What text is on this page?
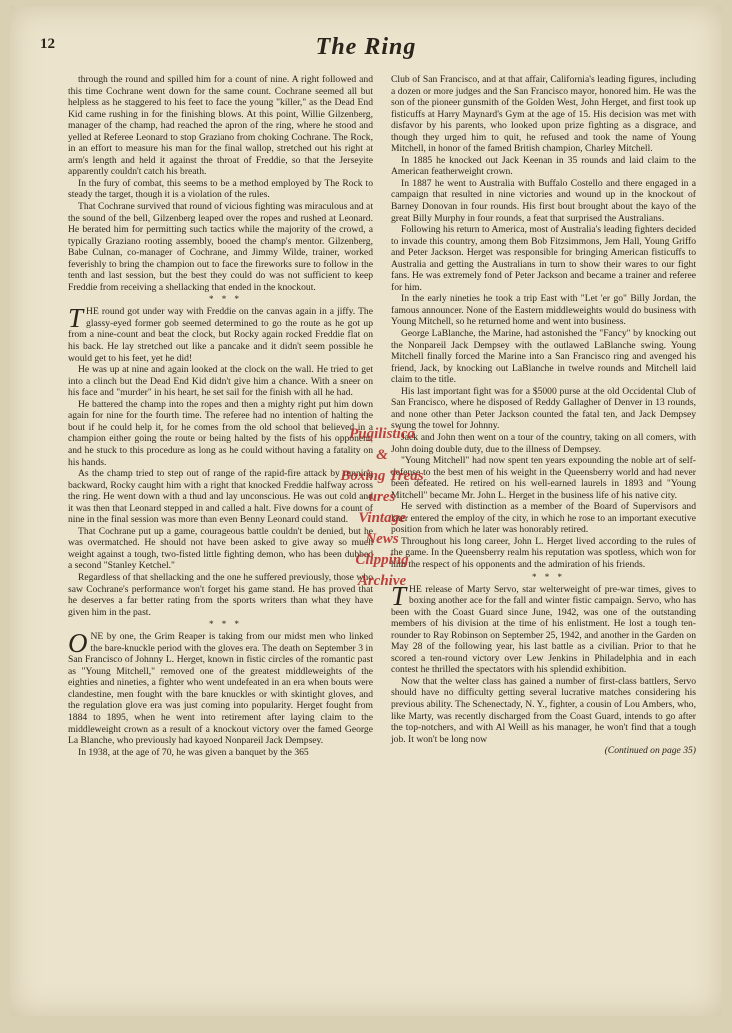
12	The Ring

through the round and spilled him for a count of nine. A right followed and this time Cochrane went down for the same count. Cochrane seemed all but helpless as he staggered to his feet to face the young "killer," as the Dead End Kid came rushing in for the finishing blows. At this point, Willie Gilzenberg, manager of the champ, had reached the apron of the ring, where he stood and yelled at Referee Leonard to stop Graziano from choking Cochrane. The Rock, in an effort to measure his man for the final wallop, stretched out his right at arm's length and held it against the throat of Freddie, so that the Jerseyite apparently couldn't catch his breath.

In the fury of combat, this seems to be a method employed by The Rock to steady the target, though it is a violation of the rules.

That Cochrane survived that round of vicious fighting was miraculous and at the sound of the bell, Gilzenberg leaped over the ropes and rushed at Leonard. He berated him for permitting such tactics while the majority of the crowd, a typically Graziano rooting assembly, booed the champ's mentor. Gilzenberg, Babe Culnan, co-manager of Cochrane, and Jimmy Wilde, trainer, worked feverishly to bring the champion out to face the fireworks sure to follow in the tenth and last session, but the best they could do was not sufficient to keep Freddie from receiving a shellacking that ended in the knockout.

* * *

THE round got under way with Freddie on the canvas again in a jiffy. The glassy-eyed former gob seemed determined to go the route as he got up from a nine-count and beat the clock, but Rocky again rocked Freddie flat on his back. He lay stretched out like a pancake and it didn't seem possible he would get to his feet, yet he did!

He was up at nine and again looked at the clock on the wall. He tried to get into a clinch but the Dead End Kid didn't give him a chance. With a sneer on his face and "murder" in his heart, he set sail for the finish with all he had.

He battered the champ into the ropes and then a mighty right put him down again for nine for the fourth time. The referee had no intention of halting the bout if he could help it, for he comes from the old school that believed in a champion either going the route or being halted by the fists of his opponent, and he stuck to this procedure as long as he could without having a fatality on his hands.

As the champ tried to step out of range of the rapid-fire attack by running backward, Rocky caught him with a right that knocked Freddie halfway across the ring. He went down with a thud and lay unconscious. He was out cold and it was then that Leonard stepped in and called a halt. Five downs for a count of nine in the final session was more than even Benny Leonard could stand.

That Cochrane put up a game, courageous battle couldn't be denied, but he was overmatched. He should not have been asked to give away so much weight against a tough, two-fisted little fighting demon, who has been dubbed a second "Stanley Ketchel."

Regardless of that shellacking and the one he suffered previously, those who saw Cochrane's performance won't forget his game stand. He has proved that he deserves a far better rating from the sports writers than what they have given him in the past.

* * *

ONE by one, the Grim Reaper is taking from our midst men who linked the bare-knuckle period with the gloves era. The death on September 3 in San Francisco of Johnny L. Herget, known in fistic circles of the romantic past as "Young Mitchell," removed one of the greatest middleweights of the eighties and nineties, a fighter who went undefeated in an era when bouts were clandestine, men fought with the bare knuckles or with skintight gloves, and the regulation glove era was just coming into popularity. Herget fought from 1884 to 1895, when he went into retirement after laying claim to the middleweight crown as a result of a knockout victory over the famed George La Blanche, who previously had kayoed Nonpareil Jack Dempsey.

In 1938, at the age of 70, he was given a banquet by the 365

Club of San Francisco, and at that affair, California's leading figures, including a dozen or more judges and the San Francisco mayor, honored him. He was the son of the pioneer gunsmith of the Golden West, John Herget, and first took up fisticuffs at Harry Maynard's Gym at the age of 15. His decision was met with disfavor by his parents, who looked upon prize fighting as a disgrace, and though they urged him to quit, he refused and took the name of Young Mitchell, in honor of the famed British champion, Charley Mitchell.

In 1885 he knocked out Jack Keenan in 35 rounds and laid claim to the American featherweight crown.

In 1887 he went to Australia with Buffalo Costello and there engaged in a campaign that resulted in nine victories and wound up in the knockout of Barney Donovan in four rounds. His first bout brought about the kayo of the great Billy Murphy in four rounds, a feat that surprised the Australians.

Following his return to America, most of Australia's leading fighters decided to invade this country, among them Bob Fitzsimmons, Jem Hall, Young Griffo and Peter Jackson. Herget was responsible for bringing American fisticuffs to Australia and getting the Australians in turn to show their wares to our fight fans. He was extremely fond of Peter Jackson and became a trainer and referee for him.

In the early nineties he took a trip East with "Let 'er go" Billy Jordan, the famous announcer. None of the Eastern middleweights would do business with Young Mitchell, so he returned home and went into business.

George LaBlanche, the Marine, had astonished the "Fancy" by knocking out the Nonpareil Jack Dempsey with the outlawed LaBlanche swing. Young Mitchell finally forced the Marine into a San Francisco ring and avenged his friend, Jack, by knocking out LaBlanche in twelve rounds and Mitchell laid claim to the title.

His last important fight was for a $5000 purse at the old Occidental Club of San Francisco, where he disposed of Reddy Gallagher of Denver in 13 rounds, and none other than Peter Jackson counted the fatal ten, and Jack Dempsey swung the towel for Johnny.

Jack and John then went on a tour of the country, taking on all comers, with John doing double duty, due to the illness of Dempsey.

"Young Mitchell" had now spent ten years expounding the noble art of self-defense to the best men of his weight in the Queensberry world and had never been defeated. He retired on his well-earned laurels in 1893 and "Young Mitchell" became Mr. John L. Herget in the business life of his native city.

He served with distinction as a member of the Board of Supervisors and later entered the employ of the city, in which he rose to an important executive position from which he later was honorably retired.

Throughout his long career, John L. Herget lived according to the rules of the game. In the Queensberry realm his reputation was spotless, which won for him the respect of his opponents and the admiration of his friends.

* * *

THE release of Marty Servo, star welterweight of pre-war times, gives to boxing another ace for the fall and winter fistic campaign. Servo, who has been with the Coast Guard since June, 1942, was one of the outstanding members of his division at the time of his enlistment. He lost a tough ten-rounder to Ray Robinson on September 25, 1942, and another in the Garden on May 28 of the following year, his last battle as a civilian. Prior to that he scored a ten-round victory over Lew Jenkins in Philadelphia and in each contest he thrilled the spectators with his splendid exhibition.

Now that the welter class has gained a number of first-class battlers, Servo should have no difficulty getting several lucrative matches considering his previous ability. The Schenectady, N. Y., fighter, a cousin of Lou Ambers, who, like Marty, was recently discharged from the Coast Guard, intends to go after the top-notchers, and with Al Weill as his manager, he won't find that a tough job. It won't be long now

(Continued on page 35)

Pugilistica
&
Boxing Treas
ures
Vintage
News
Clipping
Archive
